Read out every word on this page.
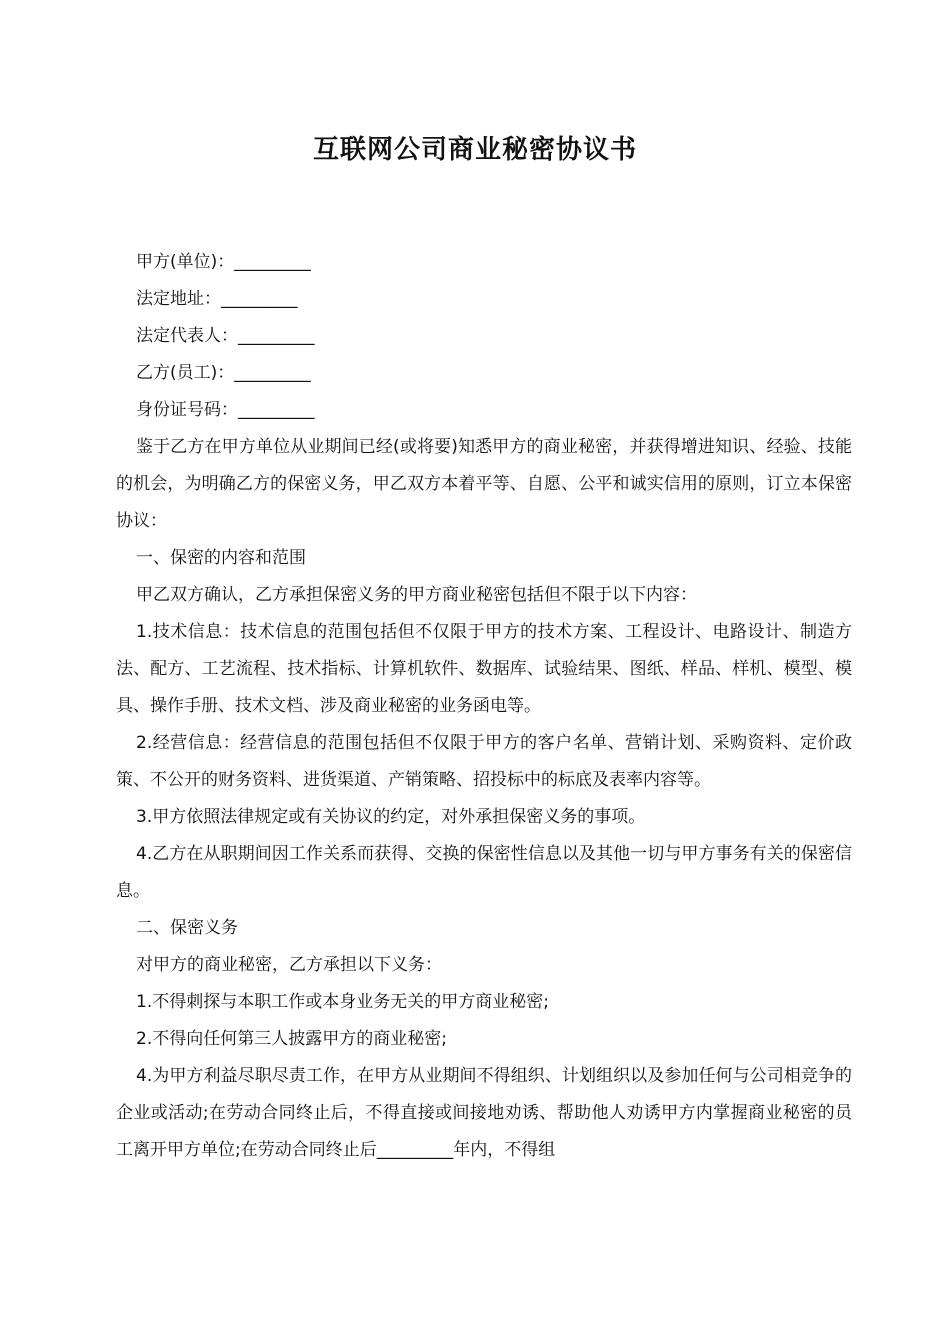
互联网公司商业秘密协议书

甲方(单位)：_________

法定地址：_________

法定代表人：_________

乙方(员工)：_________

身份证号码：_________

鉴于乙方在甲方单位从业期间已经(或将要)知悉甲方的商业秘密，并获得增进知识、经验、技能的机会，为明确乙方的保密义务，甲乙双方本着平等、自愿、公平和诚实信用的原则，订立本保密协议：

一、保密的内容和范围

甲乙双方确认，乙方承担保密义务的甲方商业秘密包括但不限于以下内容：

1.技术信息：技术信息的范围包括但不仅限于甲方的技术方案、工程设计、电路设计、制造方法、配方、工艺流程、技术指标、计算机软件、数据库、试验结果、图纸、样品、样机、模型、模具、操作手册、技术文档、涉及商业秘密的业务函电等。

2.经营信息：经营信息的范围包括但不仅限于甲方的客户名单、营销计划、采购资料、定价政策、不公开的财务资料、进货渠道、产销策略、招投标中的标底及表率内容等。

3.甲方依照法律规定或有关协议的约定，对外承担保密义务的事项。

4.乙方在从职期间因工作关系而获得、交换的保密性信息以及其他一切与甲方事务有关的保密信息。

二、保密义务

对甲方的商业秘密，乙方承担以下义务：

1.不得刺探与本职工作或本身业务无关的甲方商业秘密;

2.不得向任何第三人披露甲方的商业秘密;

4.为甲方利益尽职尽责工作，在甲方从业期间不得组织、计划组织以及参加任何与公司相竞争的企业或活动;在劳动合同终止后，不得直接或间接地劝诱、帮助他人劝诱甲方内掌握商业秘密的员工离开甲方单位;在劳动合同终止后_________年内，不得组
